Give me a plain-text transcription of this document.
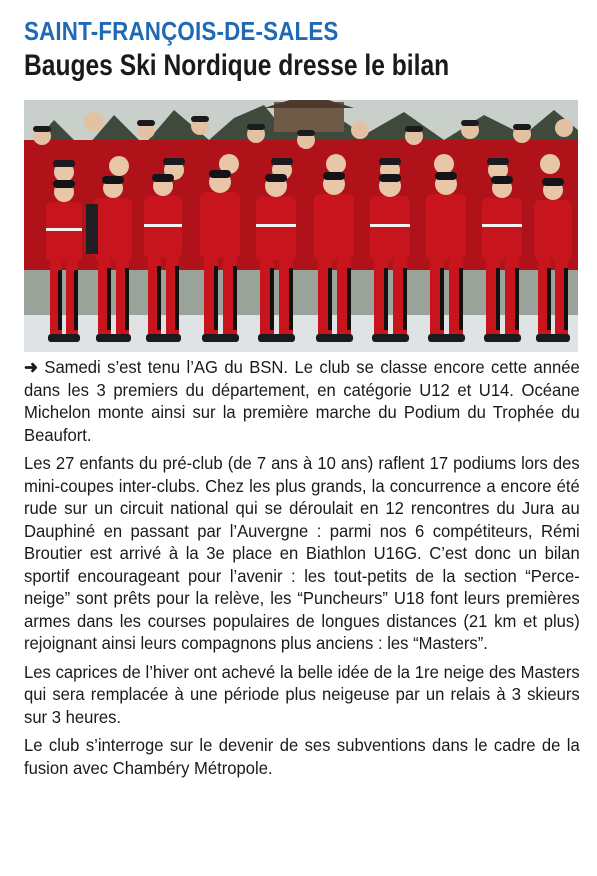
SAINT-FRANÇOIS-DE-SALES
Bauges Ski Nordique dresse le bilan

➜ Samedi s’est tenu l’AG du BSN. Le club se classe encore cette année dans les 3 premiers du département, en catégorie U12 et U14. Océane Michelon monte ainsi sur la première marche du Podium du Trophée du Beaufort.

Les 27 enfants du pré-club (de 7 ans à 10 ans) raflent 17 podiums lors des mini-coupes inter-clubs. Chez les plus grands, la concurrence a encore été rude sur un circuit national qui se déroulait en 12 rencontres du Jura au Dauphiné en passant par l’Auvergne : parmi nos 6 compétiteurs, Rémi Broutier est arrivé à la 3e place en Biathlon U16G. C’est donc un bilan sportif encourageant pour l’avenir : les tout-petits de la section “Perce-neige” sont prêts pour la relève, les “Puncheurs” U18 font leurs premières armes dans les courses populaires de longues distances (21 km et plus) rejoignant ainsi leurs compagnons plus anciens : les “Masters”.

Les caprices de l’hiver ont achevé la belle idée de la 1re neige des Masters qui sera remplacée à une période plus neigeuse par un relais à 3 skieurs sur 3 heures.

Le club s’interroge sur le devenir de ses subventions dans le cadre de la fusion avec Chambéry Métropole.
